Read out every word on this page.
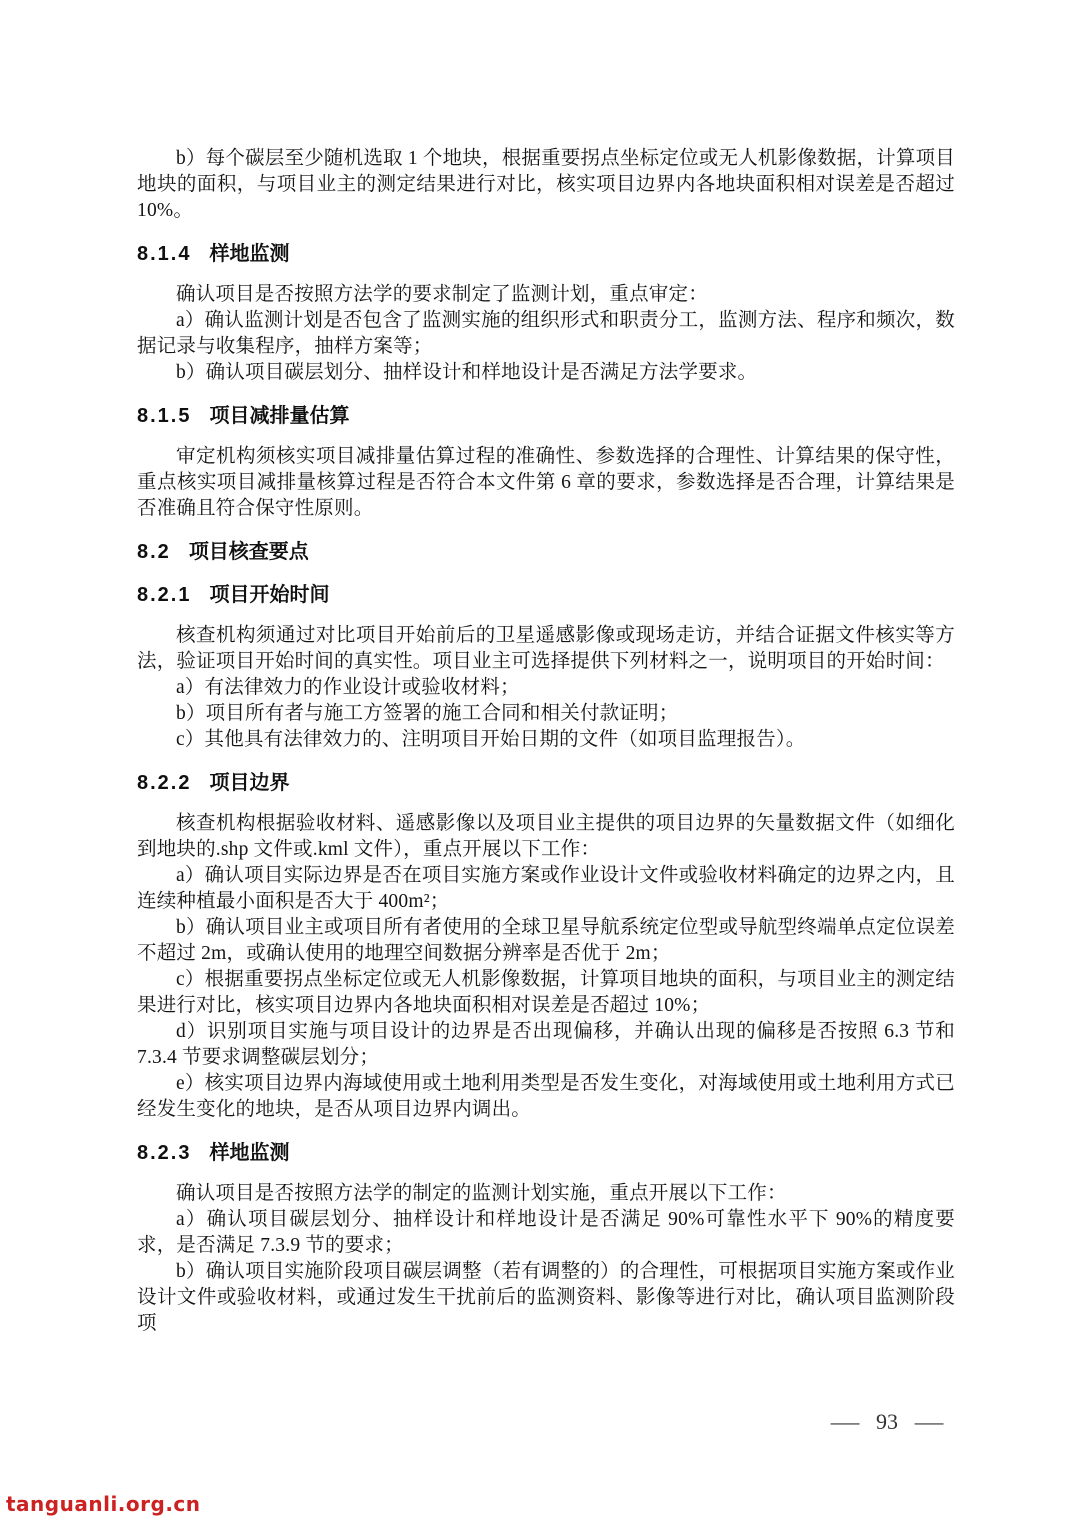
b）每个碳层至少随机选取 1 个地块，根据重要拐点坐标定位或无人机影像数据，计算项目地块的面积，与项目业主的测定结果进行对比，核实项目边界内各地块面积相对误差是否超过 10%。

8.1.4 样地监测

确认项目是否按照方法学的要求制定了监测计划，重点审定：

a）确认监测计划是否包含了监测实施的组织形式和职责分工，监测方法、程序和频次，数据记录与收集程序，抽样方案等；

b）确认项目碳层划分、抽样设计和样地设计是否满足方法学要求。

8.1.5 项目减排量估算

审定机构须核实项目减排量估算过程的准确性、参数选择的合理性、计算结果的保守性，重点核实项目减排量核算过程是否符合本文件第 6 章的要求，参数选择是否合理，计算结果是否准确且符合保守性原则。

8.2 项目核查要点
8.2.1 项目开始时间

核查机构须通过对比项目开始前后的卫星遥感影像或现场走访，并结合证据文件核实等方法，验证项目开始时间的真实性。项目业主可选择提供下列材料之一，说明项目的开始时间：

a）有法律效力的作业设计或验收材料；

b）项目所有者与施工方签署的施工合同和相关付款证明；

c）其他具有法律效力的、注明项目开始日期的文件（如项目监理报告）。

8.2.2 项目边界

核查机构根据验收材料、遥感影像以及项目业主提供的项目边界的矢量数据文件（如细化到地块的.shp 文件或.kml 文件），重点开展以下工作：

a）确认项目实际边界是否在项目实施方案或作业设计文件或验收材料确定的边界之内，且连续种植最小面积是否大于 400m²；

b）确认项目业主或项目所有者使用的全球卫星导航系统定位型或导航型终端单点定位误差不超过 2m，或确认使用的地理空间数据分辨率是否优于 2m；

c）根据重要拐点坐标定位或无人机影像数据，计算项目地块的面积，与项目业主的测定结果进行对比，核实项目边界内各地块面积相对误差是否超过 10%；

d）识别项目实施与项目设计的边界是否出现偏移，并确认出现的偏移是否按照 6.3 节和 7.3.4 节要求调整碳层划分；

e）核实项目边界内海域使用或土地利用类型是否发生变化，对海域使用或土地利用方式已经发生变化的地块，是否从项目边界内调出。

8.2.3 样地监测

确认项目是否按照方法学的制定的监测计划实施，重点开展以下工作：

a）确认项目碳层划分、抽样设计和样地设计是否满足 90%可靠性水平下 90%的精度要求，是否满足 7.3.9 节的要求；

b）确认项目实施阶段项目碳层调整（若有调整的）的合理性，可根据项目实施方案或作业设计文件或验收材料，或通过发生干扰前后的监测资料、影像等进行对比，确认项目监测阶段项

— 93 —
tanguanli.org.cn
